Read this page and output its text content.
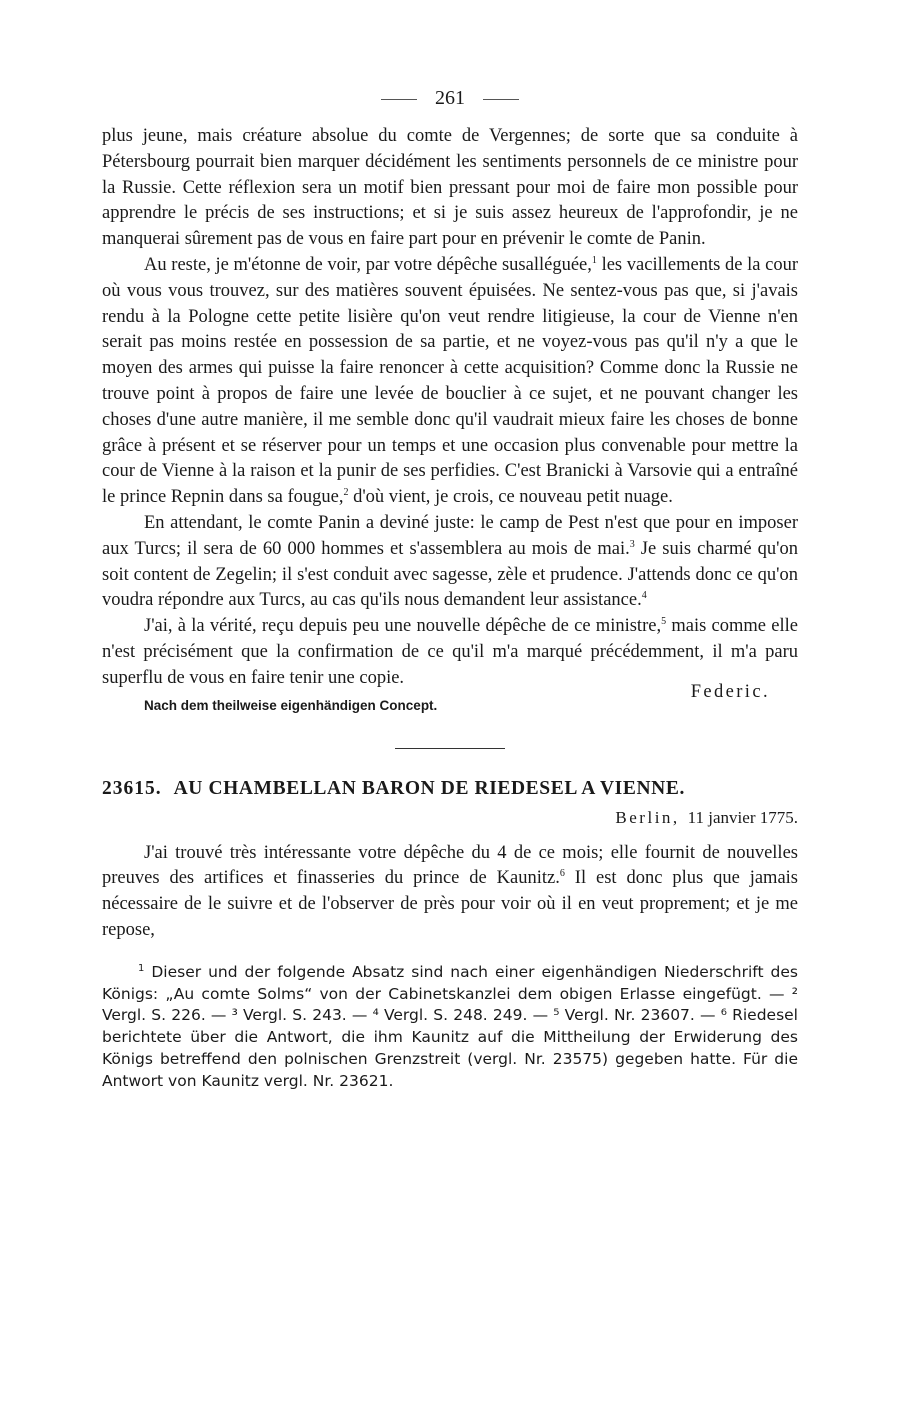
261

plus jeune, mais créature absolue du comte de Vergennes; de sorte que sa conduite à Pétersbourg pourrait bien marquer décidément les sentiments personnels de ce ministre pour la Russie. Cette réflexion sera un motif bien pressant pour moi de faire mon possible pour apprendre le précis de ses instructions; et si je suis assez heureux de l'approfondir, je ne manquerai sûrement pas de vous en faire part pour en prévenir le comte de Panin.

Au reste, je m'étonne de voir, par votre dépêche susalléguée,$^1$ les vacillements de la cour où vous vous trouvez, sur des matières souvent épuisées. Ne sentez-vous pas que, si j'avais rendu à la Pologne cette petite lisière qu'on veut rendre litigieuse, la cour de Vienne n'en serait pas moins restée en possession de sa partie, et ne voyez-vous pas qu'il n'y a que le moyen des armes qui puisse la faire renoncer à cette acquisition? Comme donc la Russie ne trouve point à propos de faire une levée de bouclier à ce sujet, et ne pouvant changer les choses d'une autre manière, il me semble donc qu'il vaudrait mieux faire les choses de bonne grâce à présent et se réserver pour un temps et une occasion plus convenable pour mettre la cour de Vienne à la raison et la punir de ses perfidies. C'est Branicki à Varsovie qui a entraîné le prince Repnin dans sa fougue,$^2$ d'où vient, je crois, ce nouveau petit nuage.

En attendant, le comte Panin a deviné juste: le camp de Pest n'est que pour en imposer aux Turcs; il sera de 60 000 hommes et s'assemblera au mois de mai.$^3$ Je suis charmé qu'on soit content de Zegelin; il s'est conduit avec sagesse, zèle et prudence. J'attends donc ce qu'on voudra répondre aux Turcs, au cas qu'ils nous demandent leur assistance.$^4$

J'ai, à la vérité, reçu depuis peu une nouvelle dépêche de ce ministre,$^5$ mais comme elle n'est précisément que la confirmation de ce qu'il m'a marqué précédemment, il m'a paru superflu de vous en faire tenir une copie.

Nach dem theilweise eigenhändigen Concept.
Federic.
23615. AU CHAMBELLAN BARON DE RIEDESEL A VIENNE.
Berlin, 11 janvier 1775.

J'ai trouvé très intéressante votre dépêche du 4 de ce mois; elle fournit de nouvelles preuves des artifices et finasseries du prince de Kaunitz.$^6$ Il est donc plus que jamais nécessaire de le suivre et de l'observer de près pour voir où il en veut proprement; et je me repose,

$^1$ Dieser und der folgende Absatz sind nach einer eigenhändigen Niederschrift des Königs: „Au comte Solms“ von der Cabinetskanzlei dem obigen Erlasse eingefügt. — ² Vergl. S. 226. — ³ Vergl. S. 243. — ⁴ Vergl. S. 248. 249. — ⁵ Vergl. Nr. 23607. — ⁶ Riedesel berichtete über die Antwort, die ihm Kaunitz auf die Mittheilung der Erwiderung des Königs betreffend den polnischen Grenzstreit (vergl. Nr. 23575) gegeben hatte. Für die Antwort von Kaunitz vergl. Nr. 23621.
